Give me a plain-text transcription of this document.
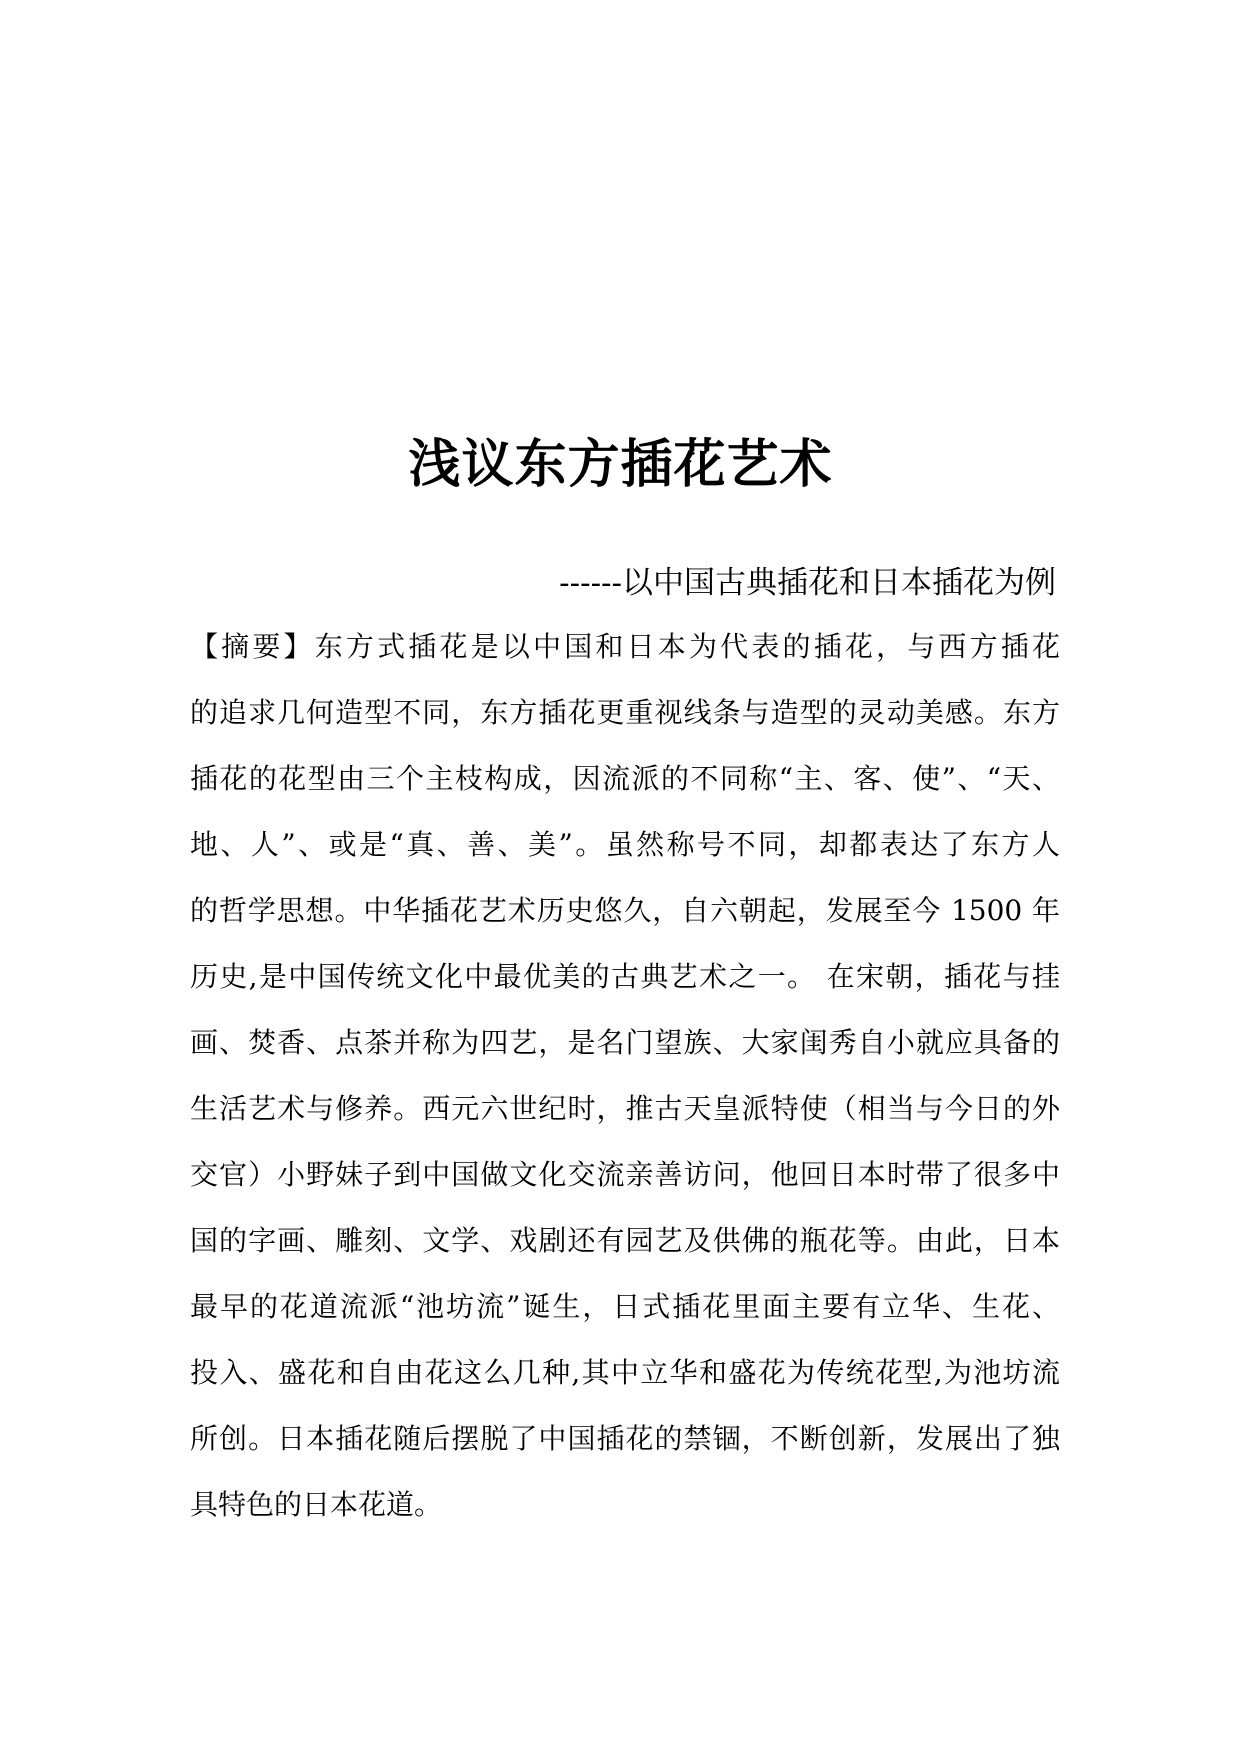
浅议东方插花艺术

------以中国古典插花和日本插花为例

【摘要】东方式插花是以中国和日本为代表的插花，与西方插花
的追求几何造型不同，东方插花更重视线条与造型的灵动美感。东方
插花的花型由三个主枝构成，因流派的不同称“主、客、使”、“天、
地、人”、或是“真、善、美”。虽然称号不同，却都表达了东方人
的哲学思想。中华插花艺术历史悠久，自六朝起，发展至今 1500 年
历史,是中国传统文化中最优美的古典艺术之一。 在宋朝，插花与挂
画、焚香、点茶并称为四艺，是名门望族、大家闺秀自小就应具备的
生活艺术与修养。西元六世纪时，推古天皇派特使（相当与今日的外
交官）小野妹子到中国做文化交流亲善访问，他回日本时带了很多中
国的字画、雕刻、文学、戏剧还有园艺及供佛的瓶花等。由此，日本
最早的花道流派“池坊流”诞生，日式插花里面主要有立华、生花、
投入、盛花和自由花这么几种,其中立华和盛花为传统花型,为池坊流
所创。日本插花随后摆脱了中国插花的禁锢，不断创新，发展出了独
具特色的日本花道。
